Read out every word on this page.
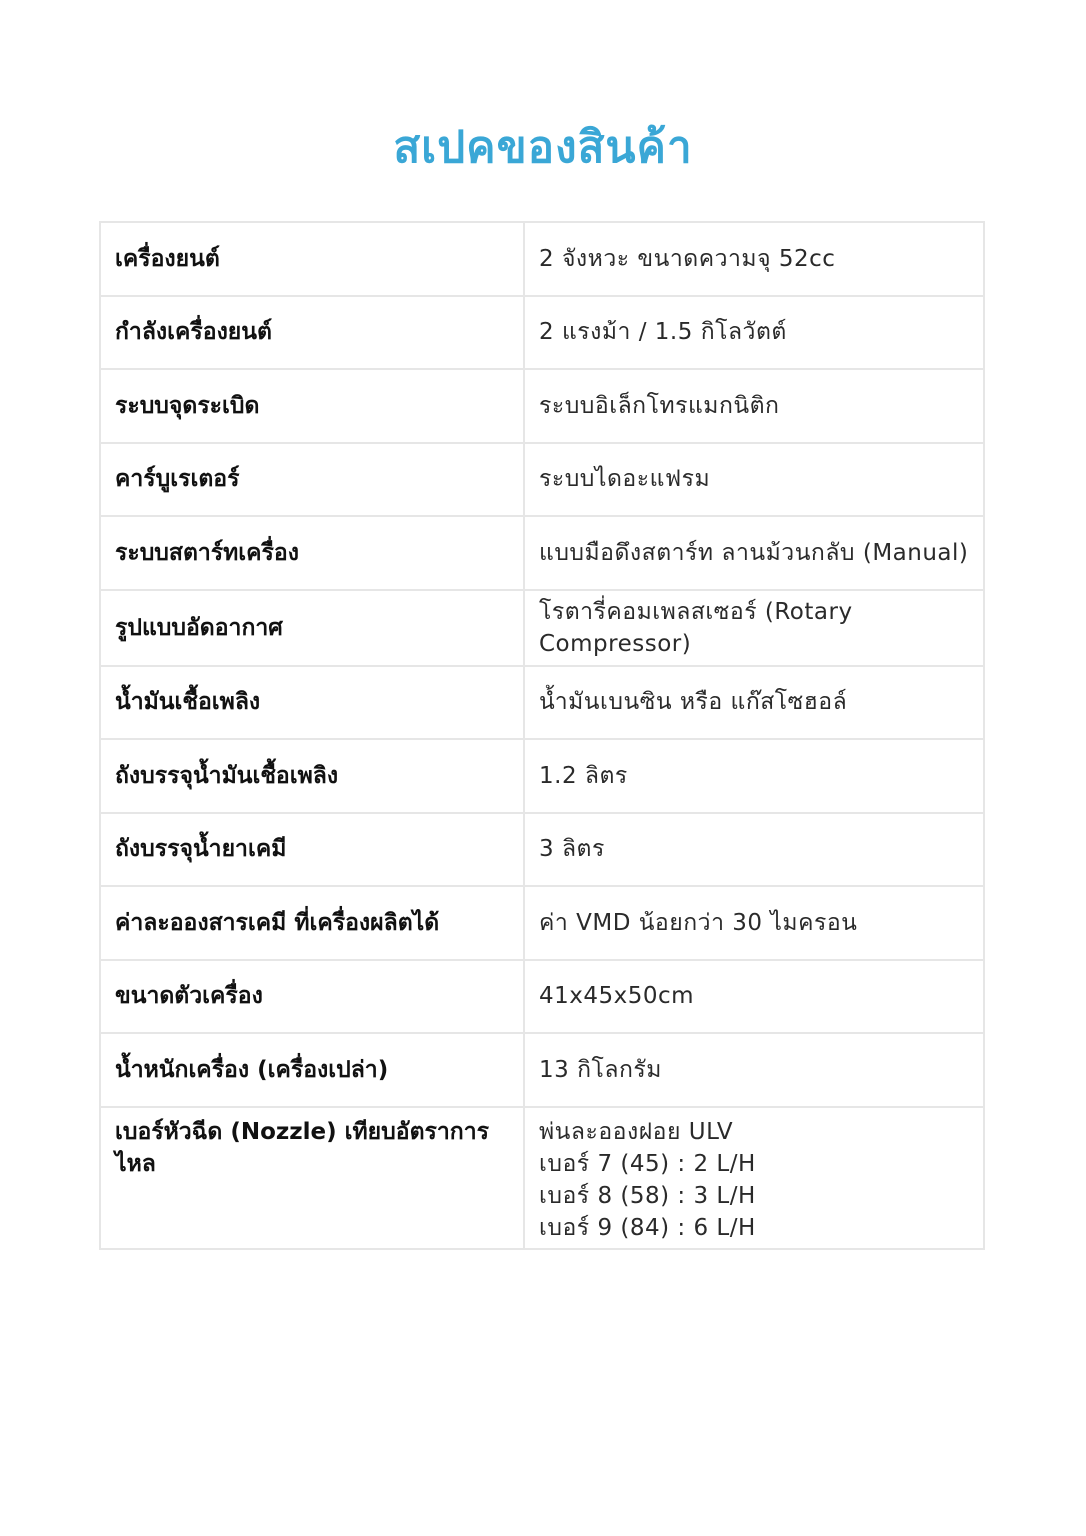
สเปคของสินค้า
เครื่องยนต์	2 จังหวะ ขนาดความจุ 52cc
กำลังเครื่องยนต์	2 แรงม้า / 1.5 กิโลวัตต์
ระบบจุดระเบิด	ระบบอิเล็กโทรแมกนิติก
คาร์บูเรเตอร์	ระบบไดอะแฟรม
ระบบสตาร์ทเครื่อง	แบบมือดึงสตาร์ท ลานม้วนกลับ (Manual)
รูปแบบอัดอากาศ	โรตารี่คอมเพลสเซอร์ (Rotary Compressor)
น้ำมันเชื้อเพลิง	น้ำมันเบนซิน หรือ แก๊สโซฮอล์
ถังบรรจุน้ำมันเชื้อเพลิง	1.2 ลิตร
ถังบรรจุน้ำยาเคมี	3 ลิตร
ค่าละอองสารเคมี ที่เครื่องผลิตได้	ค่า VMD น้อยกว่า 30 ไมครอน
ขนาดตัวเครื่อง	41x45x50cm
น้ำหนักเครื่อง (เครื่องเปล่า)	13 กิโลกรัม
เบอร์หัวฉีด (Nozzle) เทียบอัตราการไหล	พ่นละอองฝอย ULV
เบอร์ 7 (45) : 2 L/H
เบอร์ 8 (58) : 3 L/H
เบอร์ 9 (84) : 6 L/H
